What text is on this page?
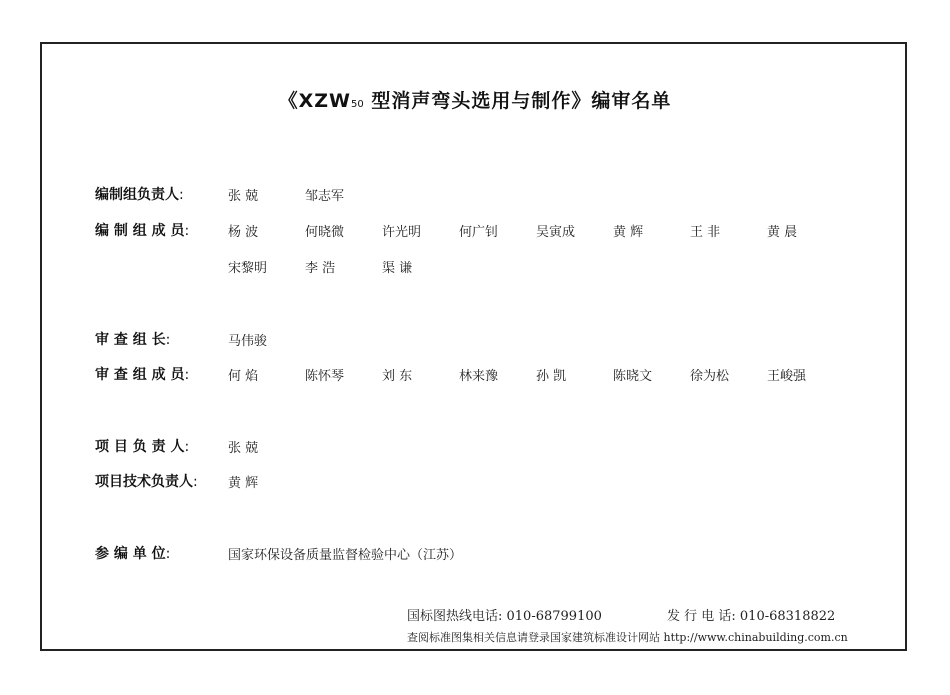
《XZW50 型消声弯头选用与制作》编审名单
编制组负责人:	张 兢	邹志军
编 制 组 成 员:	杨 波	何晓微	许光明	何广钊	吴寅成	黄 辉	王 非	黄 晨
宋黎明	李 浩	渠 谦
审 查 组 长:	马伟骏
审 查 组 成 员:	何 焰	陈怀琴	刘 东	林来豫	孙 凯	陈晓文	徐为松	王峻强
项 目 负 责 人:	张 兢
项目技术负责人: 黄 辉
参 编 单 位:	国家环保设备质量监督检验中心（江苏）
国标图热线电话: 010-68799100	发 行 电 话: 010-68318822
查阅标准图集相关信息请登录国家建筑标准设计网站 http://www.chinabuilding.com.cn
